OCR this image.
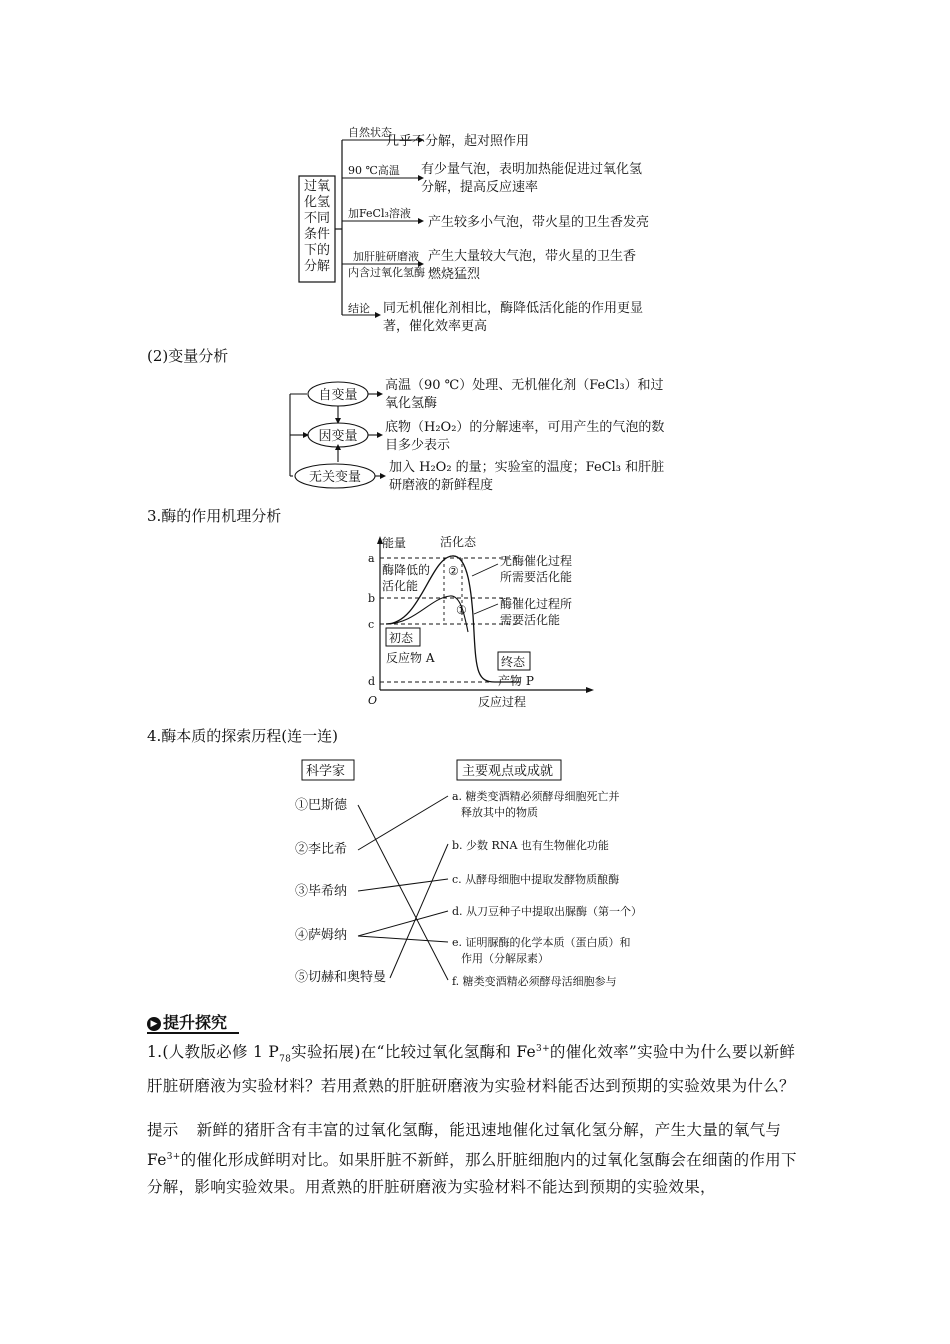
过氧
化氢
不同
条件
下的
分解
自然状态
几乎不分解，起对照作用
90 ℃高温 有少量气泡，表明加热能促进过氧化氢
分解，提高反应速率
加FeCl₃溶液
产生较多小气泡，带火星的卫生香发亮
加肝脏研磨液
内含过氧化氢酶
产生大量较大气泡，带火星的卫生香
燃烧猛烈
结论 同无机催化剂相比，酶降低活化能的作用更显
著，催化效率更高
(2)变量分析
自变量
因变量
无关变量
高温（90 ℃）处理、无机催化剂（FeCl₃）和过
氧化氢酶
底物（H₂O₂）的分解速率，可用产生的气泡的数
目多少表示
加入 H₂O₂ 的量；实验室的温度；FeCl₃ 和肝脏
研磨液的新鲜程度
3.酶的作用机理分析
能量
反应过程
O
a
b
c
d
②
①
活化态
酶降低的
活化能
无酶催化过程
所需要活化能
酶催化过程所
需要活化能
初态
反应物 A	终态
产物 P
4.酶本质的探索历程(连一连)
科学家	主要观点或成就
①巴斯德
②李比希
③毕希纳
④萨姆纳
⑤切赫和奥特曼
a. 糖类变酒精必须酵母细胞死亡并
释放其中的物质
b. 少数 RNA 也有生物催化功能
c. 从酵母细胞中提取发酵物质酿酶
d. 从刀豆种子中提取出脲酶（第一个）
e. 证明脲酶的化学本质（蛋白质）和
作用（分解尿素）
f. 糖类变酒精必须酵母活细胞参与
▶ 提升探究
1.(人教版必修 1 $P_{78}$实验拓展)在“比较过氧化氢酶和 $Fe^{3+}$的催化效率”实验中为什么要以新鲜肝脏研磨液为实验材料？若用煮熟的肝脏研磨液为实验材料能否达到预期的实验效果为什么？
提示 新鲜的猪肝含有丰富的过氧化氢酶，能迅速地催化过氧化氢分解，产生大量的氧气与 $Fe^{3+}$的催化形成鲜明对比。如果肝脏不新鲜，那么肝脏细胞内的过氧化氢酶会在细菌的作用下分解，影响实验效果。用煮熟的肝脏研磨液为实验材料不能达到预期的实验效果，
